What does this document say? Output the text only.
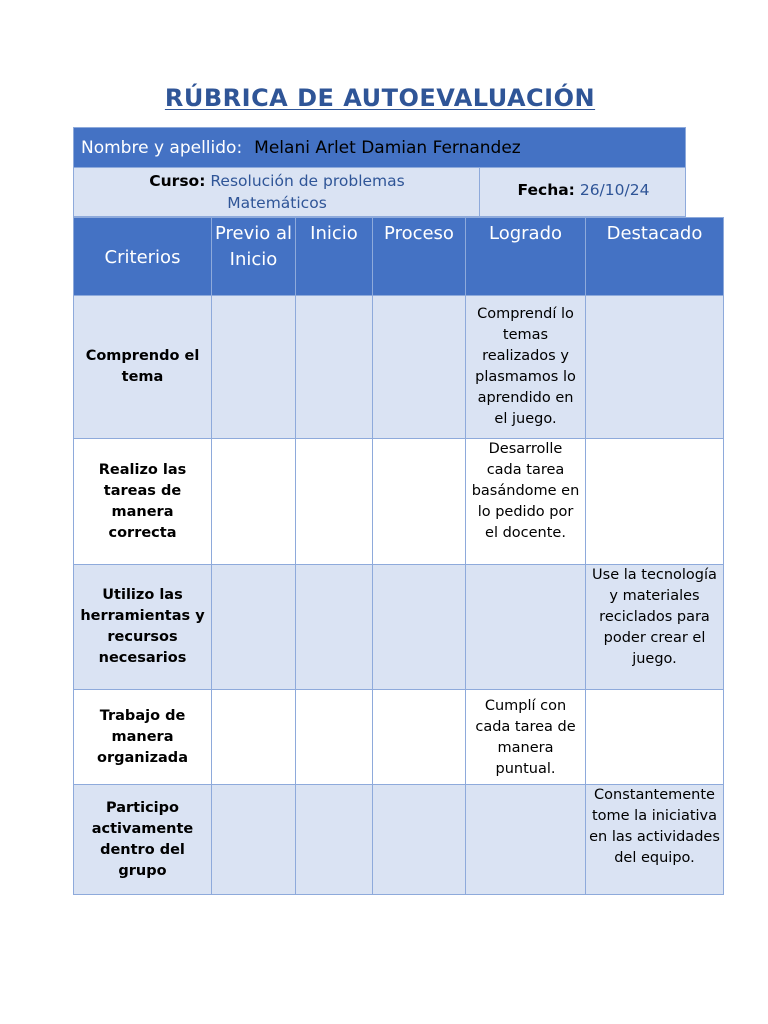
RÚBRICA DE AUTOEVALUACIÓN
Nombre y apellido: Melani Arlet Damian Fernandez
Curso: Resolución de problemas
Matemáticos
Fecha: 26/10/24
Criterios	Previo al Inicio	Inicio	Proceso	Logrado	Destacado
Comprendo el tema				Comprendí lo temas realizados y plasmamos lo aprendido en el juego.	
Realizo las tareas de manera correcta				Desarrolle cada tarea basándome en lo pedido por el docente.	
Utilizo las herramientas y recursos necesarios					Use la tecnología y materiales reciclados para poder crear el juego.
Trabajo de manera organizada				Cumplí con cada tarea de manera puntual.	
Participo activamente dentro del grupo					Constantemente tome la iniciativa en las actividades del equipo.
